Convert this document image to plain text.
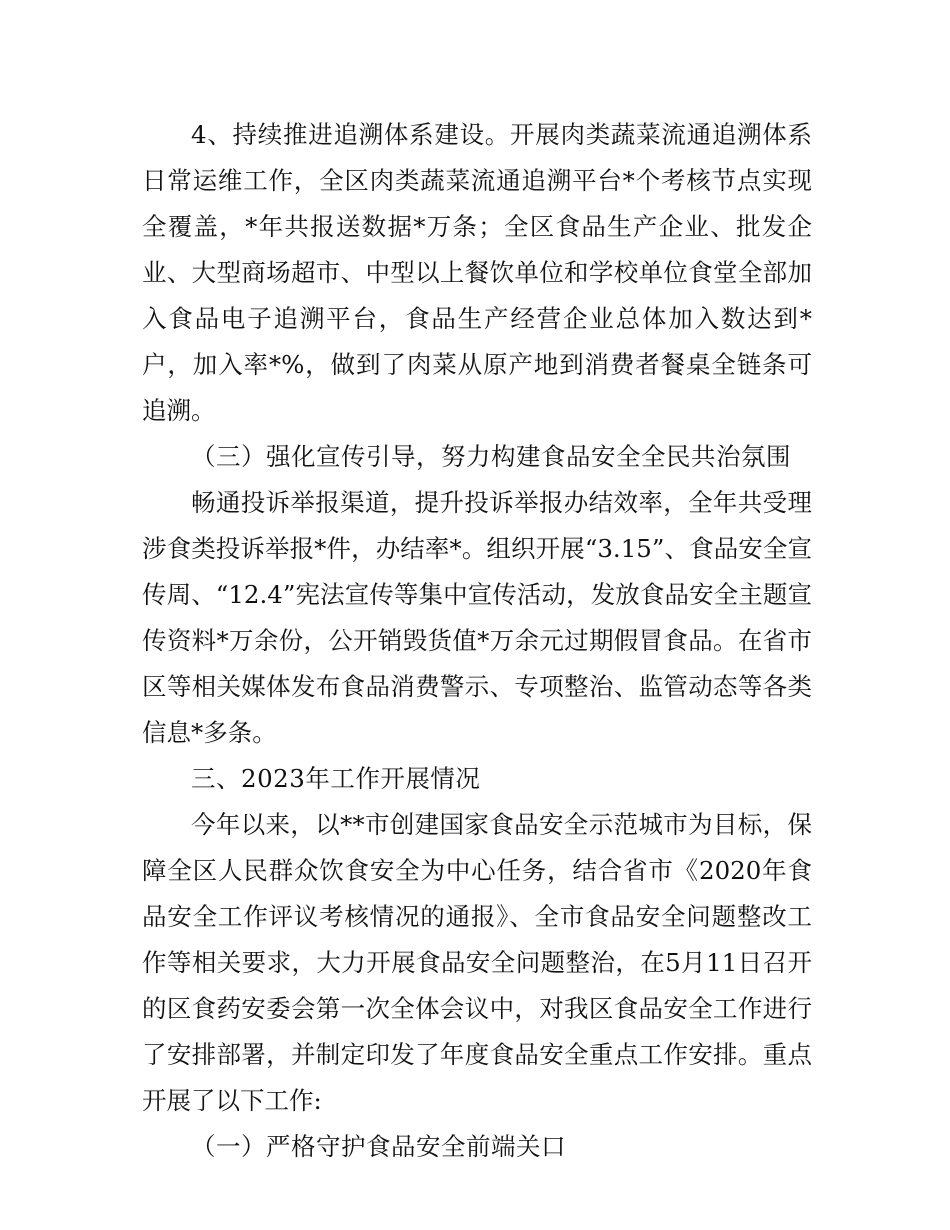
4、持续推进追溯体系建设。开展肉类蔬菜流通追溯体系日常运维工作，全区肉类蔬菜流通追溯平台*个考核节点实现全覆盖，*年共报送数据*万条；全区食品生产企业、批发企业、大型商场超市、中型以上餐饮单位和学校单位食堂全部加入食品电子追溯平台，食品生产经营企业总体加入数达到*户，加入率*%，做到了肉菜从原产地到消费者餐桌全链条可追溯。

（三）强化宣传引导，努力构建食品安全全民共治氛围

畅通投诉举报渠道，提升投诉举报办结效率，全年共受理涉食类投诉举报*件，办结率*。组织开展“3.15”、食品安全宣传周、“12.4”宪法宣传等集中宣传活动，发放食品安全主题宣传资料*万余份，公开销毁货值*万余元过期假冒食品。在省市区等相关媒体发布食品消费警示、专项整治、监管动态等各类信息*多条。

三、2023年工作开展情况

今年以来，以**市创建国家食品安全示范城市为目标，保障全区人民群众饮食安全为中心任务，结合省市《2020年食品安全工作评议考核情况的通报》、全市食品安全问题整改工作等相关要求，大力开展食品安全问题整治，在5月11日召开的区食药安委会第一次全体会议中，对我区食品安全工作进行了安排部署，并制定印发了年度食品安全重点工作安排。重点开展了以下工作:

（一）严格守护食品安全前端关口
